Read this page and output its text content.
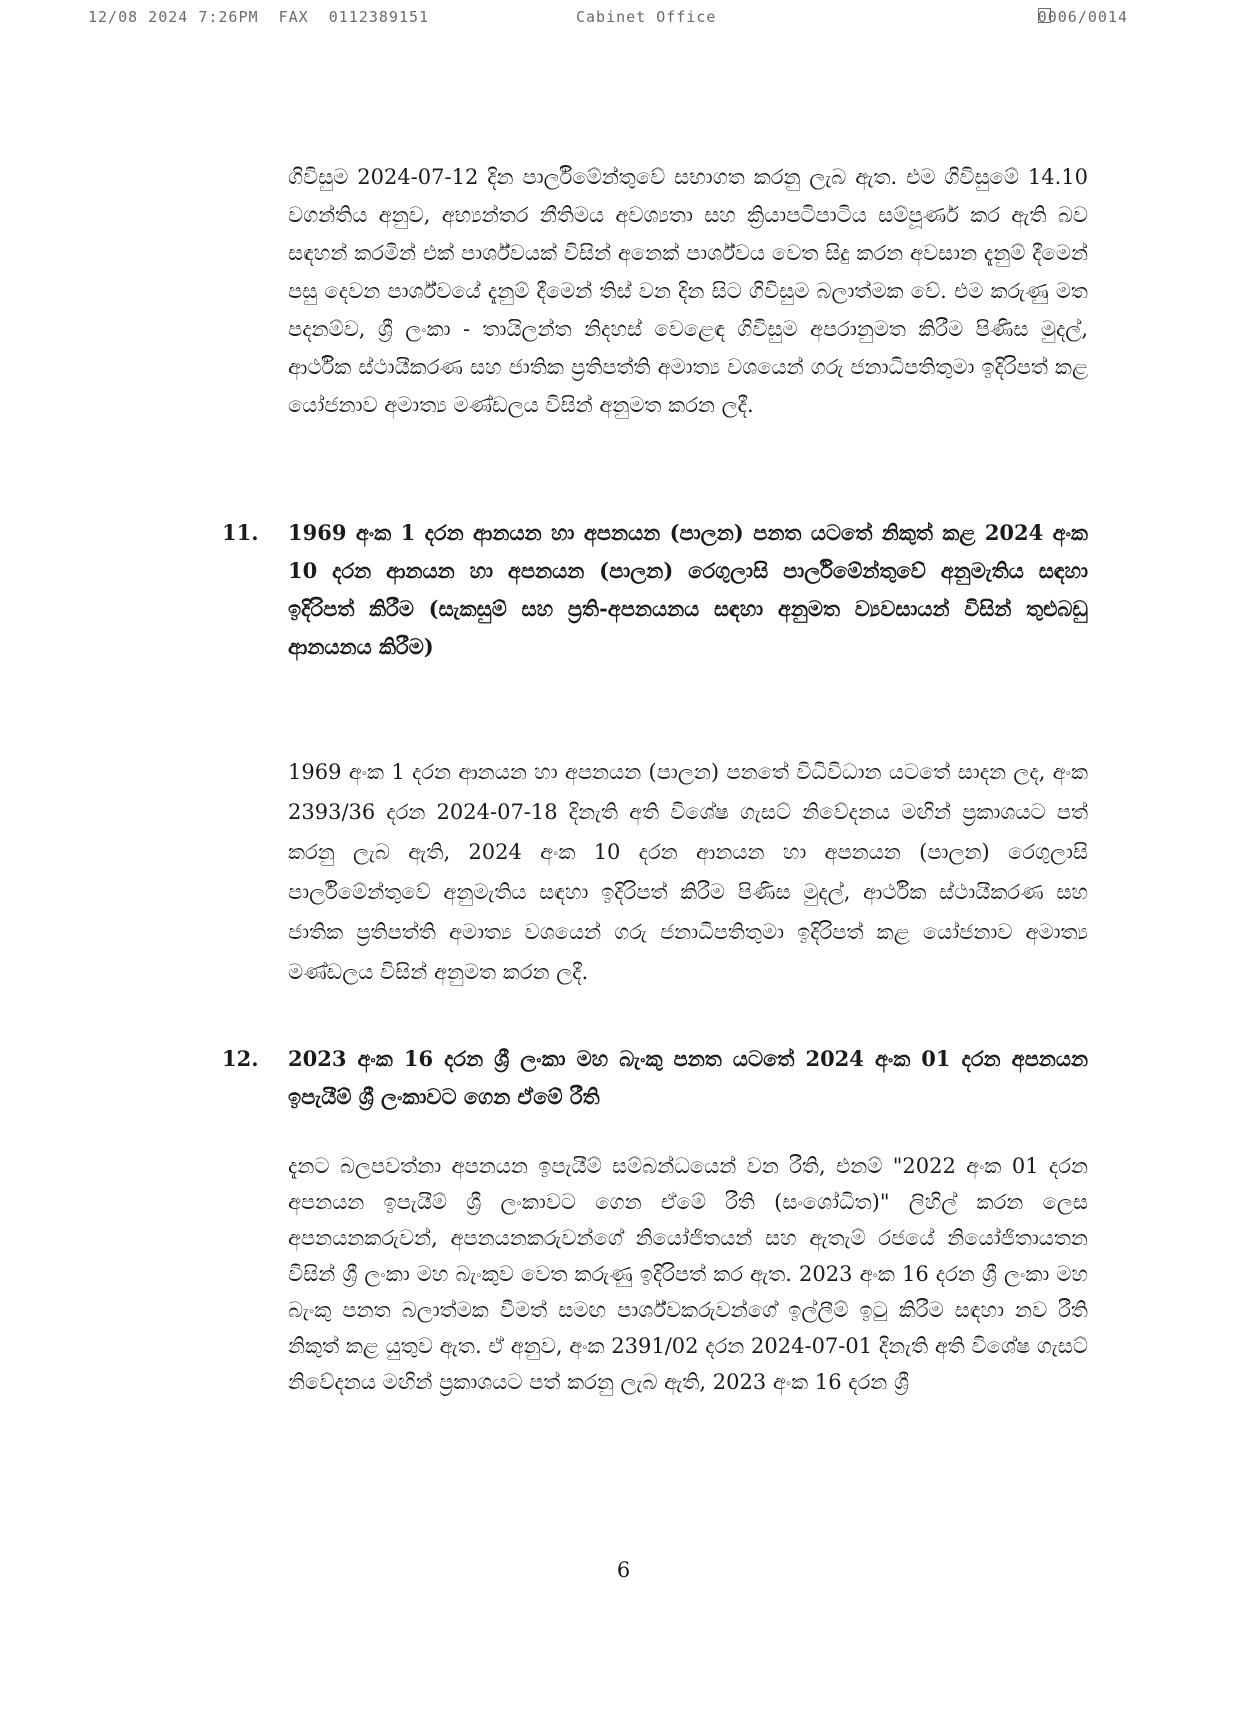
12/08 2024 7:26PM FAX 0112389151	Cabinet Office	0006/0014

ගිවිසුම 2024-07-12 දින පාර්ලිමේන්තුවේ සභාගත කරනු ලැබ ඇත. එම ගිවිසුමේ 14.10 වගන්තිය අනුව, අභ්‍යන්තර නීතිමය අවශ්‍යතා සහ ක්‍රියාපටිපාටිය සම්පූර්ණ කර ඇති බව සඳහන් කරමින් එක් පාර්ශ්වයක් විසින් අනෙක් පාර්ශ්වය වෙත සිදු කරන අවසාන දැනුම් දීමෙන් පසු දෙවන පාර්ශ්වයේ දැනුම් දීමෙන් තිස් වන දින සිට ගිවිසුම බලාත්මක වේ. එම කරුණු මත පදනම්ව, ශ්‍රී ලංකා - තායිලන්ත නිදහස් වෙළෙඳ ගිවිසුම අපරානුමත කිරීම පිණිස මුදල්, ආර්ථික ස්ථායීකරණ සහ ජාතික ප්‍රතිපත්ති අමාත්‍ය වශයෙන් ගරු ජනාධිපතිතුමා ඉදිරිපත් කළ යෝජනාව අමාත්‍ය මණ්ඩලය විසින් අනුමත කරන ලදී.

11. 1969 අංක 1 දරන ආනයන හා අපනයන (පාලන) පනත යටතේ නිකුත් කළ 2024 අංක 10 දරන ආනයන හා අපනයන (පාලන) රෙගුලාසි පාර්ලිමේන්තුවේ අනුමැතිය සඳහා ඉදිරිපත් කිරීම (සැකසුම් සහ ප්‍රති-අපනයනය සඳහා අනුමත ව්‍යවසායන් විසින් තුළුබඩු ආනයනය කිරීම)

1969 අංක 1 දරන ආනයන හා අපනයන (පාලන) පනතේ විධිවිධාන යටතේ සාදන ලද, අංක 2393/36 දරන 2024-07-18 දිනැති අති විශේෂ ගැසට් නිවේදනය මඟින් ප්‍රකාශයට පත් කරනු ලැබ ඇති, 2024 අංක 10 දරන ආනයන හා අපනයන (පාලන) රෙගුලාසි පාර්ලිමේන්තුවේ අනුමැතිය සඳහා ඉදිරිපත් කිරීම පිණිස මුදල්, ආර්ථික ස්ථායීකරණ සහ ජාතික ප්‍රතිපත්ති අමාත්‍ය වශයෙන් ගරු ජනාධිපතිතුමා ඉදිරිපත් කළ යෝජනාව අමාත්‍ය මණ්ඩලය විසින් අනුමත කරන ලදී.

12. 2023 අංක 16 දරන ශ්‍රී ලංකා මහ බැංකු පනත යටතේ 2024 අංක 01 දරන අපනයන ඉපැයීම් ශ්‍රී ලංකාවට ගෙන ඒමේ රීති

දැනට බලපවත්නා අපනයන ඉපැයීම් සම්බන්ධයෙන් වන රීති, එනම් "2022 අංක 01 දරන අපනයන ඉපැයීම් ශ්‍රී ලංකාවට ගෙන ඒමේ රීති (සංශෝධිත)" ලිහිල් කරන ලෙස අපනයනකරුවන්, අපනයනකරුවන්ගේ නියෝජිතයන් සහ ඇතැම් රජයේ නියෝජිතායතන විසින් ශ්‍රී ලංකා මහ බැංකුව වෙත කරුණු ඉදිරිපත් කර ඇත. 2023 අංක 16 දරන ශ්‍රී ලංකා මහ බැංකු පනත බලාත්මක වීමත් සමඟ පාර්ශ්වකරුවන්ගේ ඉල්ලීම් ඉටු කිරීම සඳහා නව රීති නිකුත් කළ යුතුව ඇත. ඒ අනුව, අංක 2391/02 දරන 2024-07-01 දිනැති අති විශේෂ ගැසට් නිවේදනය මඟින් ප්‍රකාශයට පත් කරනු ලැබ ඇති, 2023 අංක 16 දරන ශ්‍රී

6
